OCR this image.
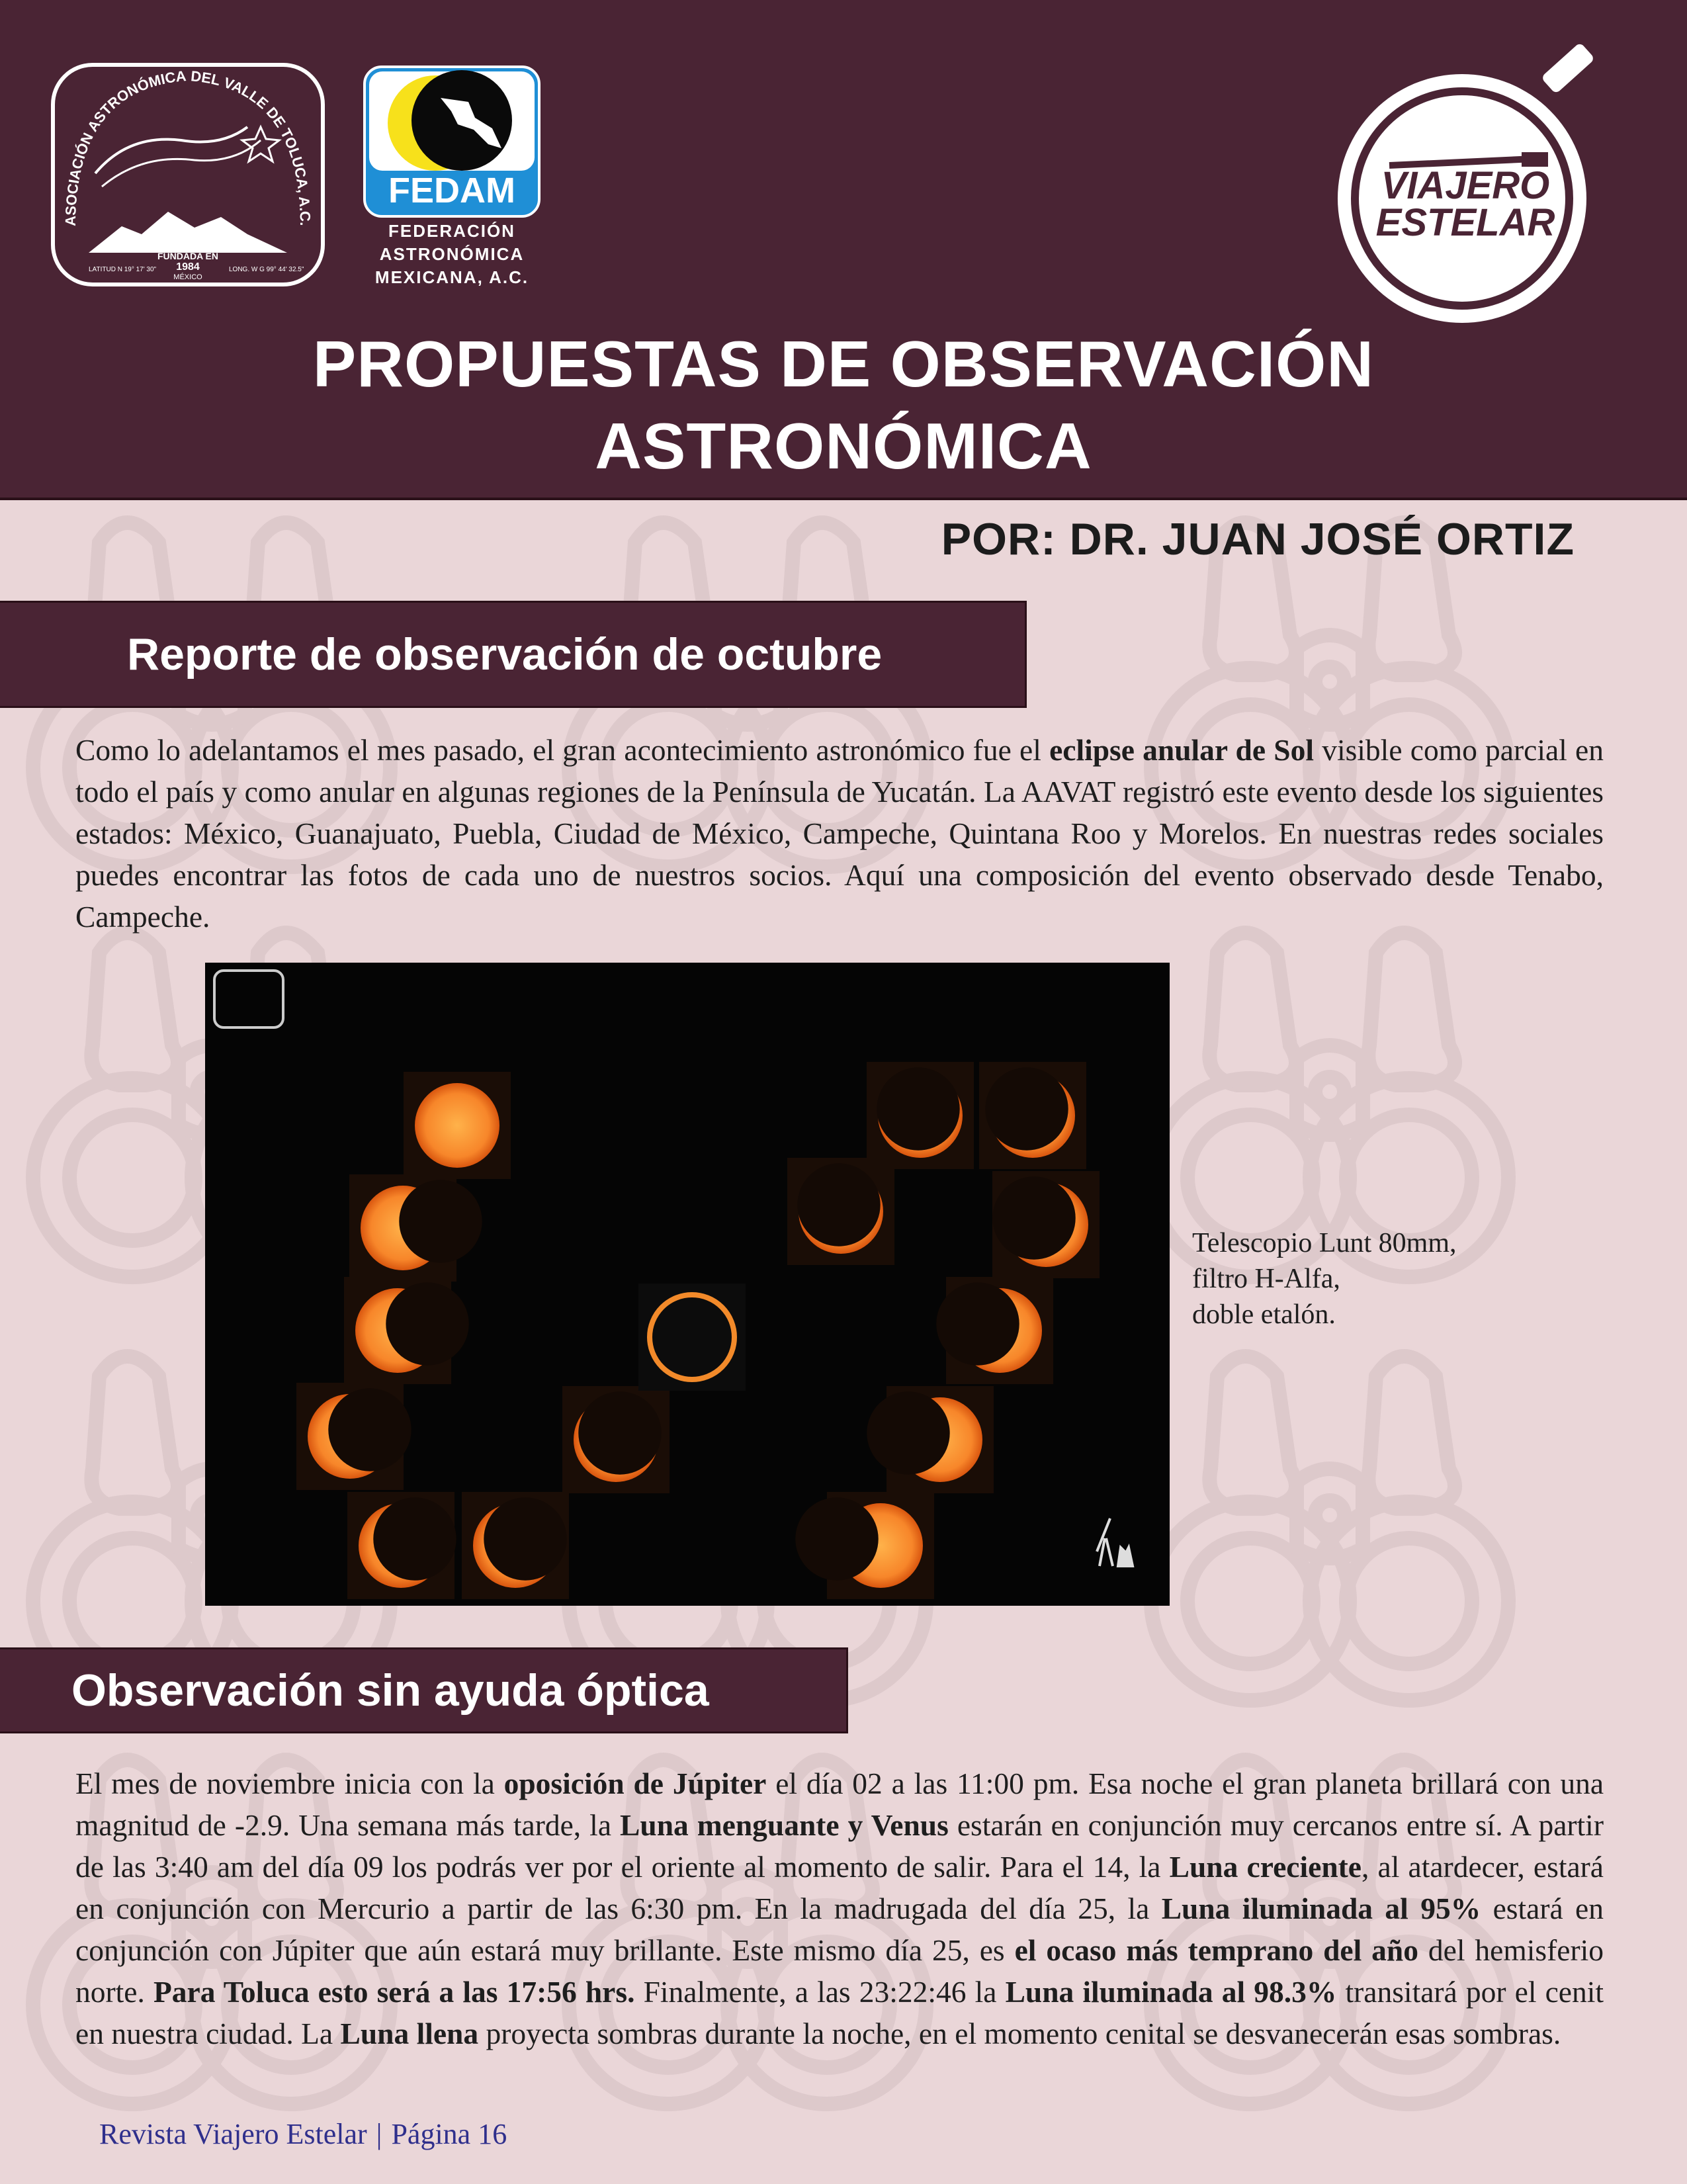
ASOCIACIÓN ASTRONÓMICA DEL VALLE DE TOLUCA, A.C.
FUNDADA EN
1984
MÉXICO
LATITUD N 19° 17' 30"	LONG. W G 99° 44' 32.5"
FEDAM
FEDERACIÓN
ASTRONÓMICA
MEXICANA, A.C.
VIAJERO
ESTELAR
PROPUESTAS DE OBSERVACIÓN
ASTRONÓMICA

POR: DR. JUAN JOSÉ ORTIZ

Reporte de observación de octubre

Como lo adelantamos el mes pasado, el gran acontecimiento astronómico fue el eclipse anular de Sol visible como parcial en todo el país y como anular en algunas regiones de la Península de Yucatán. La AAVAT registró este evento desde los siguientes estados: México, Guanajuato, Puebla, Ciudad de México, Campeche, Quintana Roo y Morelos. En nuestras redes sociales puedes encontrar las fotos de cada uno de nuestros socios. Aquí una composición del evento observado desde Tenabo, Campeche.

Telescopio Lunt 80mm,
filtro H-Alfa,
doble etalón.
Observación sin ayuda óptica

El mes de noviembre inicia con la oposición de Júpiter el día 02 a las 11:00 pm. Esa noche el gran planeta brillará con una magnitud de -2.9. Una semana más tarde, la Luna menguante y Venus estarán en conjunción muy cercanos entre sí. A partir de las 3:40 am del día 09 los podrás ver por el oriente al momento de salir. Para el 14, la Luna creciente, al atardecer, estará en conjunción con Mercurio a partir de las 6:30 pm. En la madrugada del día 25, la Luna iluminada al 95% estará en conjunción con Júpiter que aún estará muy brillante. Este mismo día 25, es el ocaso más temprano del año del hemisferio norte. Para Toluca esto será a las 17:56 hrs. Finalmente, a las 23:22:46 la Luna iluminada al 98.3% transitará por el cenit en nuestra ciudad. La Luna llena proyecta sombras durante la noche, en el momento cenital se desvanecerán esas sombras.

Revista Viajero Estelar | Página 16
